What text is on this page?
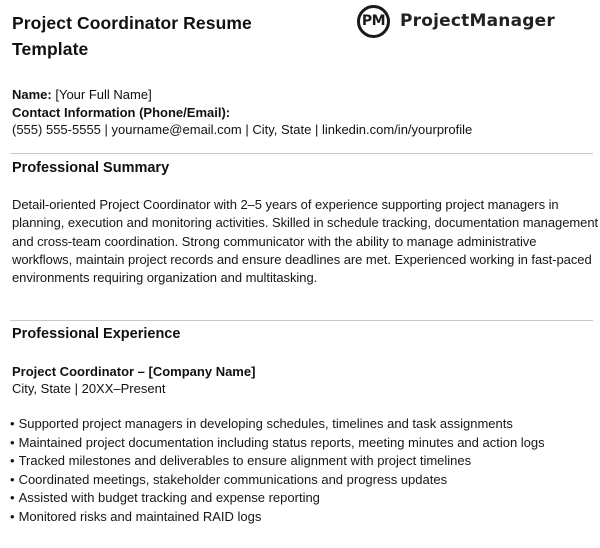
Project Coordinator Resume Template
PM ProjectManager
Name: [Your Full Name]
Contact Information (Phone/Email):
(555) 555-5555 | yourname@email.com | City, State | linkedin.com/in/yourprofile
Professional Summary

Detail-oriented Project Coordinator with 2–5 years of experience supporting project managers in planning, execution and monitoring activities. Skilled in schedule tracking, documentation management and cross-team coordination. Strong communicator with the ability to manage administrative workflows, maintain project records and ensure deadlines are met. Experienced working in fast-paced environments requiring organization and multitasking.

Professional Experience
Project Coordinator – [Company Name]
City, State | 20XX–Present
• Supported project managers in developing schedules, timelines and task assignments
• Maintained project documentation including status reports, meeting minutes and action logs
• Tracked milestones and deliverables to ensure alignment with project timelines
• Coordinated meetings, stakeholder communications and progress updates
• Assisted with budget tracking and expense reporting
• Monitored risks and maintained RAID logs
